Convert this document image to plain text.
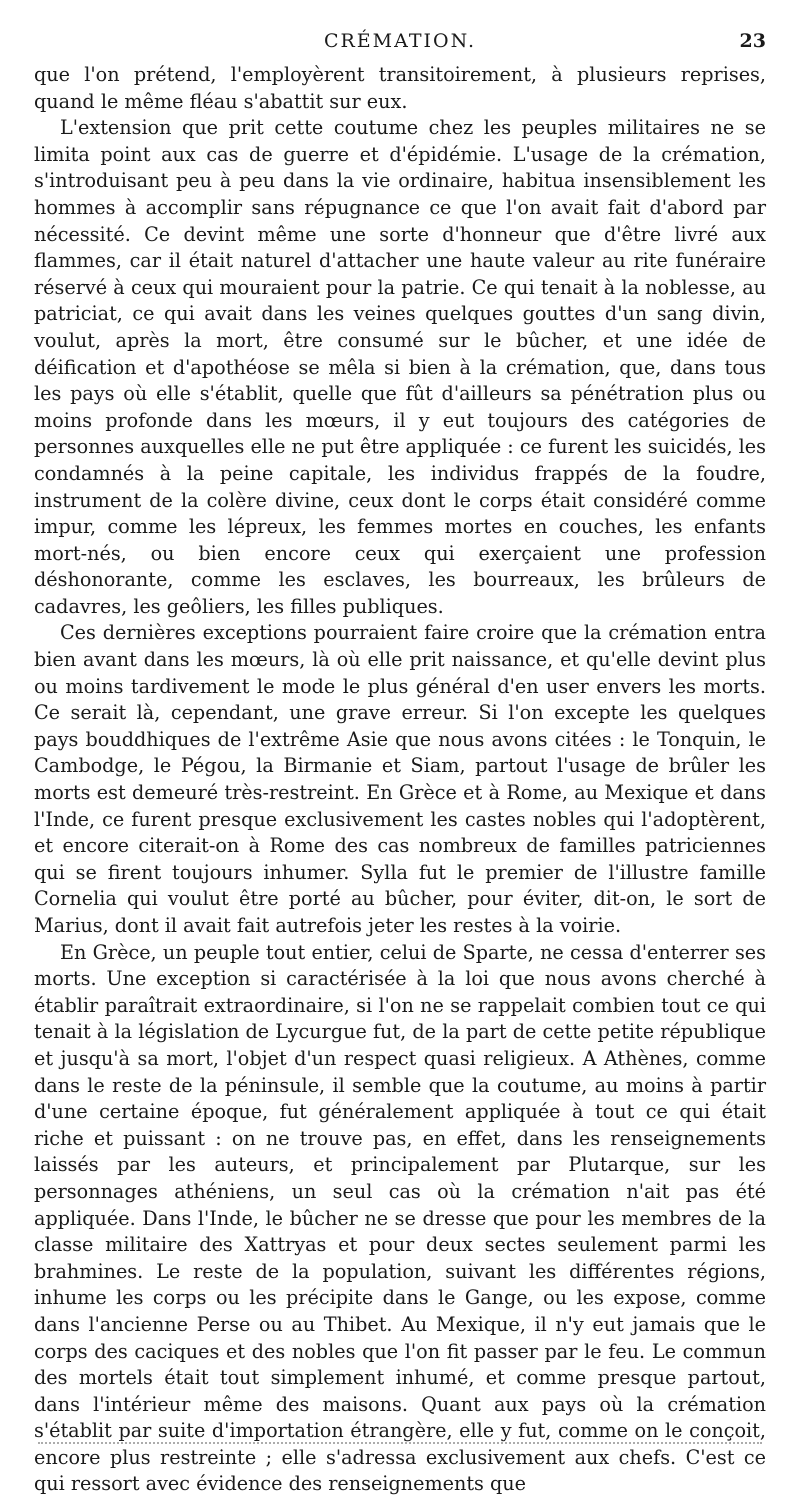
CRÉMATION.	23

que l'on prétend, l'employèrent transitoirement, à plusieurs reprises, quand le même fléau s'abattit sur eux.

L'extension que prit cette coutume chez les peuples militaires ne se limita point aux cas de guerre et d'épidémie. L'usage de la crémation, s'introduisant peu à peu dans la vie ordinaire, habitua insensiblement les hommes à accomplir sans répugnance ce que l'on avait fait d'abord par nécessité. Ce devint même une sorte d'honneur que d'être livré aux flammes, car il était naturel d'attacher une haute valeur au rite funéraire réservé à ceux qui mouraient pour la patrie. Ce qui tenait à la noblesse, au patriciat, ce qui avait dans les veines quelques gouttes d'un sang divin, voulut, après la mort, être consumé sur le bûcher, et une idée de déification et d'apothéose se mêla si bien à la crémation, que, dans tous les pays où elle s'établit, quelle que fût d'ailleurs sa pénétration plus ou moins profonde dans les mœurs, il y eut toujours des catégories de personnes auxquelles elle ne put être appliquée : ce furent les suicidés, les condamnés à la peine capitale, les individus frappés de la foudre, instrument de la colère divine, ceux dont le corps était considéré comme impur, comme les lépreux, les femmes mortes en couches, les enfants mort-nés, ou bien encore ceux qui exerçaient une profession déshonorante, comme les esclaves, les bourreaux, les brûleurs de cadavres, les geôliers, les filles publiques.

Ces dernières exceptions pourraient faire croire que la crémation entra bien avant dans les mœurs, là où elle prit naissance, et qu'elle devint plus ou moins tardivement le mode le plus général d'en user envers les morts. Ce serait là, cependant, une grave erreur. Si l'on excepte les quelques pays bouddhiques de l'extrême Asie que nous avons citées : le Tonquin, le Cambodge, le Pégou, la Birmanie et Siam, partout l'usage de brûler les morts est demeuré très-restreint. En Grèce et à Rome, au Mexique et dans l'Inde, ce furent presque exclusivement les castes nobles qui l'adoptèrent, et encore citerait-on à Rome des cas nombreux de familles patriciennes qui se firent toujours inhumer. Sylla fut le premier de l'illustre famille Cornelia qui voulut être porté au bûcher, pour éviter, dit-on, le sort de Marius, dont il avait fait autrefois jeter les restes à la voirie.

En Grèce, un peuple tout entier, celui de Sparte, ne cessa d'enterrer ses morts. Une exception si caractérisée à la loi que nous avons cherché à établir paraîtrait extraordinaire, si l'on ne se rappelait combien tout ce qui tenait à la législation de Lycurgue fut, de la part de cette petite république et jusqu'à sa mort, l'objet d'un respect quasi religieux. A Athènes, comme dans le reste de la péninsule, il semble que la coutume, au moins à partir d'une certaine époque, fut généralement appliquée à tout ce qui était riche et puissant : on ne trouve pas, en effet, dans les renseignements laissés par les auteurs, et principalement par Plutarque, sur les personnages athéniens, un seul cas où la crémation n'ait pas été appliquée. Dans l'Inde, le bûcher ne se dresse que pour les membres de la classe militaire des Xattryas et pour deux sectes seulement parmi les brahmines. Le reste de la population, suivant les différentes régions, inhume les corps ou les précipite dans le Gange, ou les expose, comme dans l'ancienne Perse ou au Thibet. Au Mexique, il n'y eut jamais que le corps des caciques et des nobles que l'on fit passer par le feu. Le commun des mortels était tout simplement inhumé, et comme presque partout, dans l'intérieur même des maisons. Quant aux pays où la crémation s'établit par suite d'importation étrangère, elle y fut, comme on le conçoit, encore plus restreinte ; elle s'adressa exclusivement aux chefs. C'est ce qui ressort avec évidence des renseignements que
